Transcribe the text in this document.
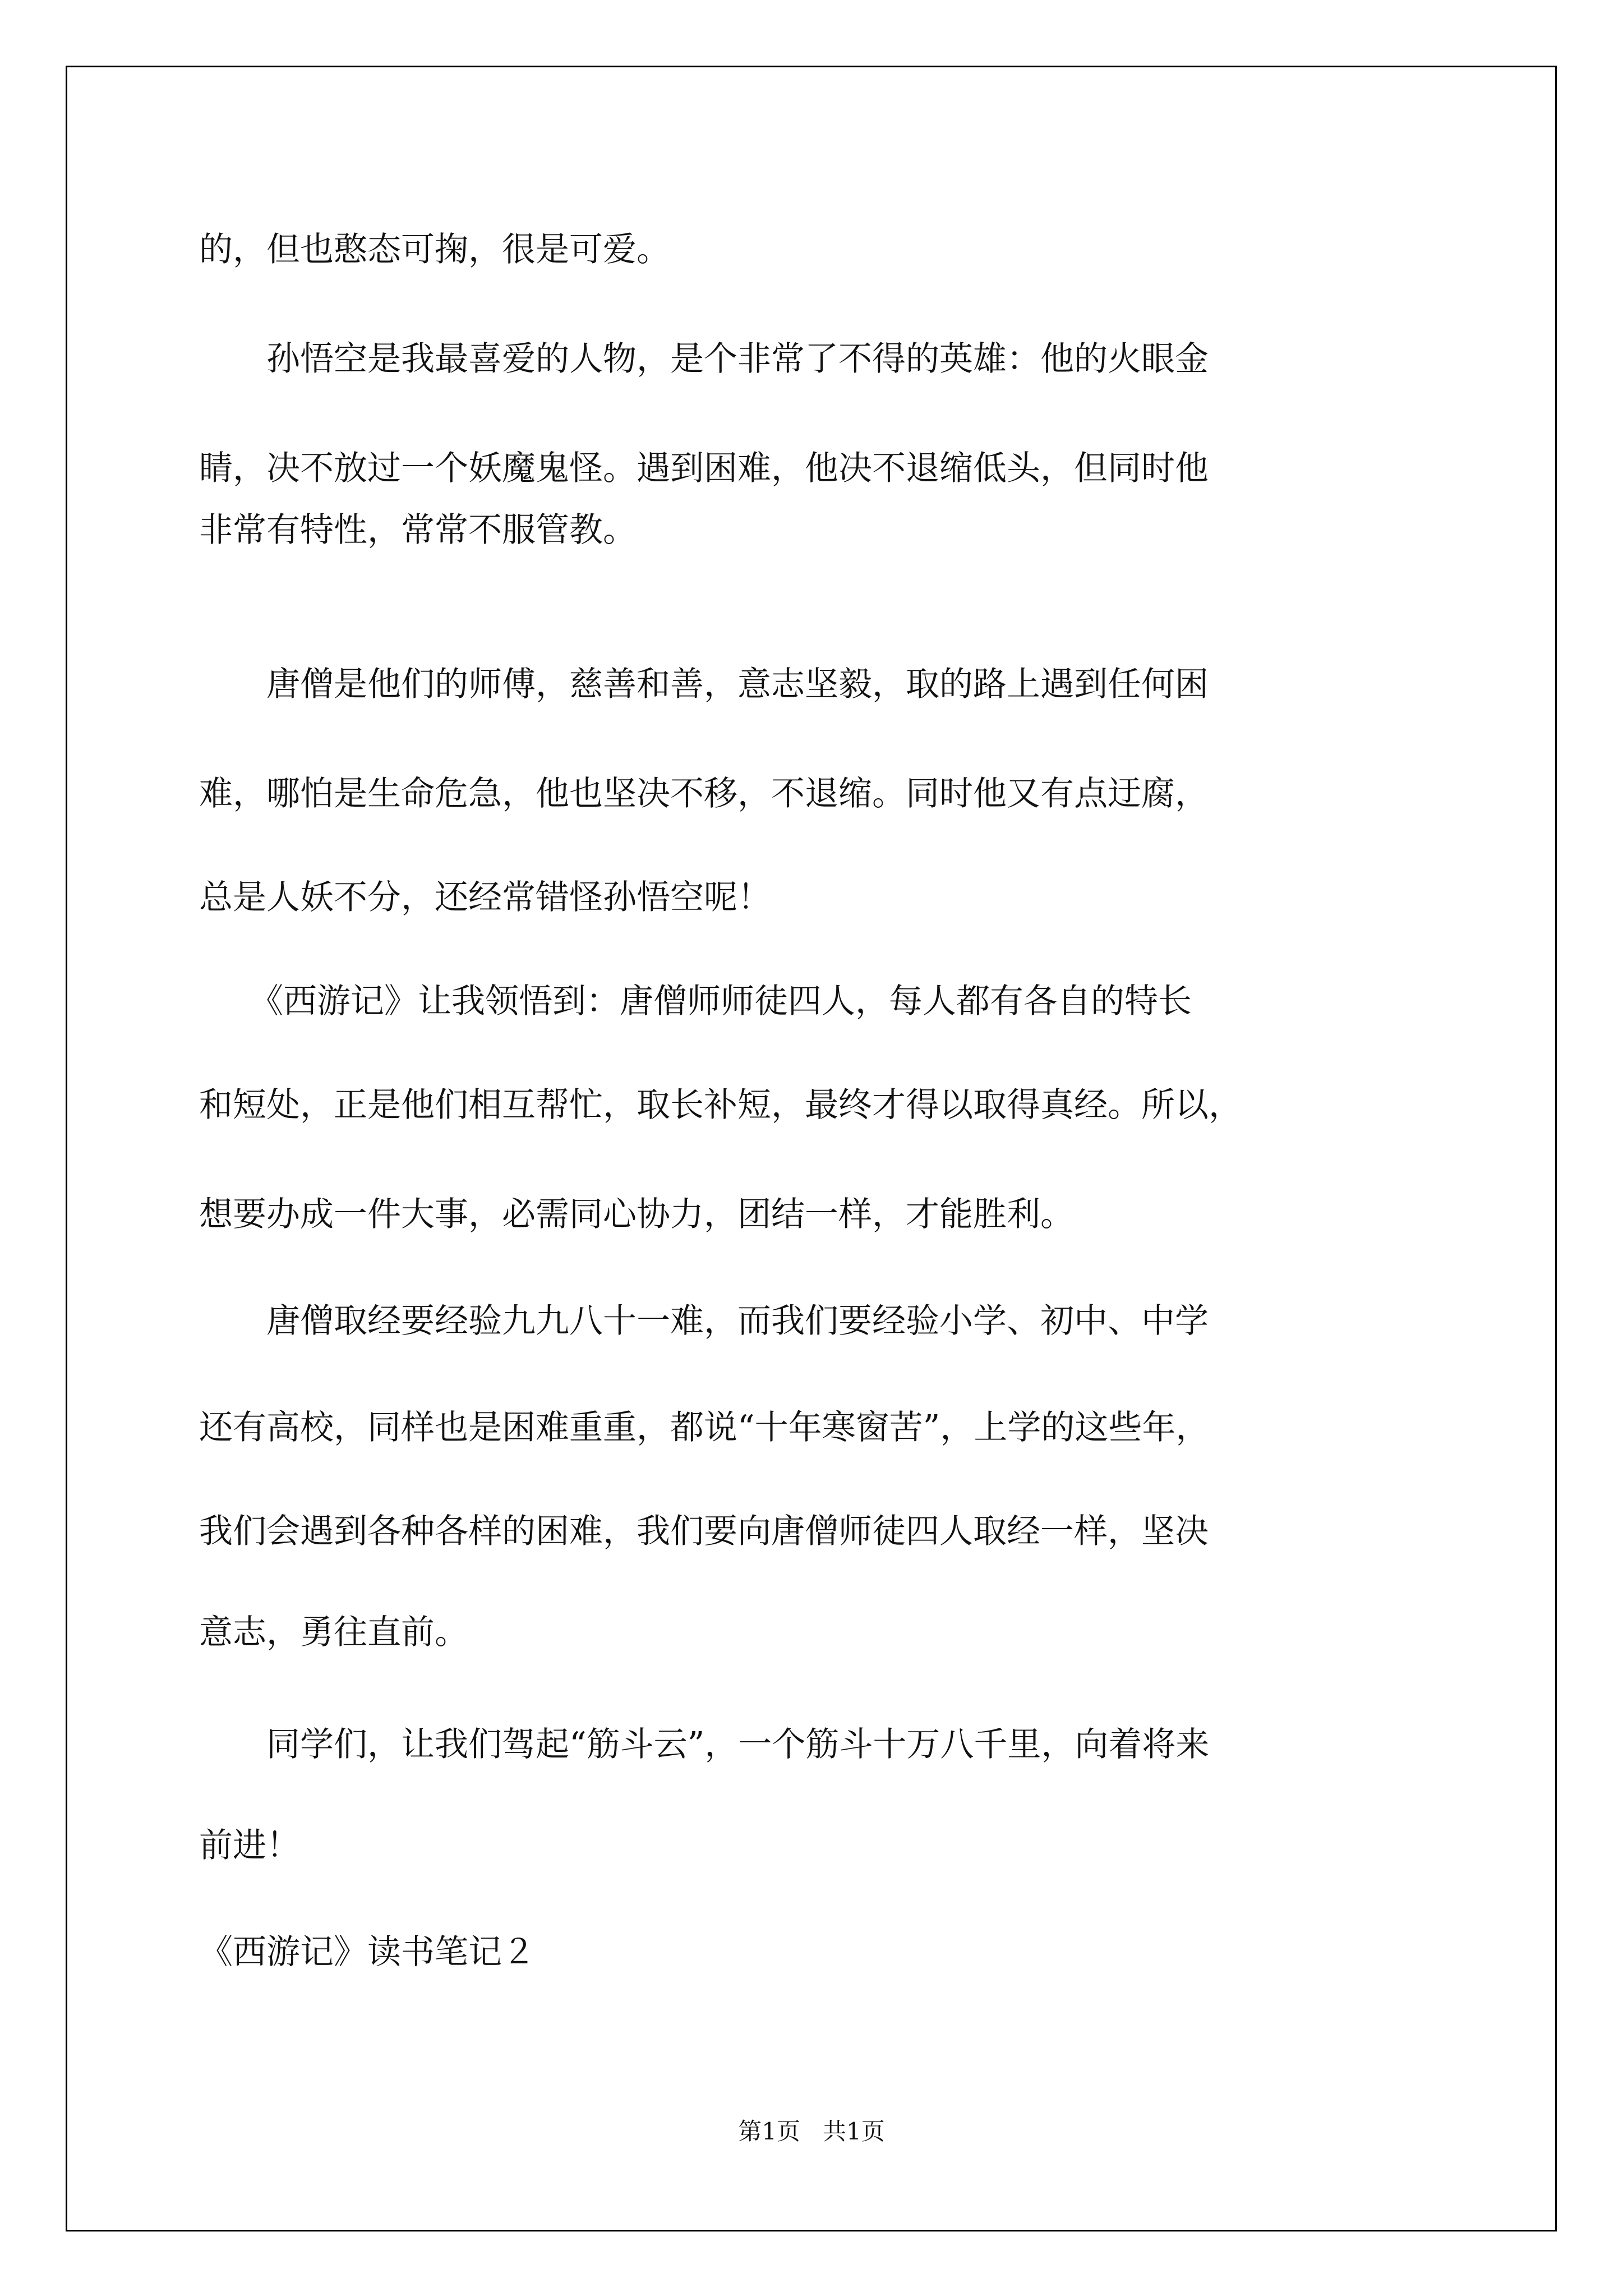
的，但也憨态可掬，很是可爱。

　　孙悟空是我最喜爱的人物，是个非常了不得的英雄：他的火眼金

睛，决不放过一个妖魔鬼怪。遇到困难，他决不退缩低头，但同时他

非常有特性，常常不服管教。

　　唐僧是他们的师傅，慈善和善，意志坚毅，取的路上遇到任何困

难，哪怕是生命危急，他也坚决不移，不退缩。同时他又有点迂腐，

总是人妖不分，还经常错怪孙悟空呢！

　　《西游记》让我领悟到：唐僧师师徒四人，每人都有各自的特长

和短处，正是他们相互帮忙，取长补短，最终才得以取得真经。所以，

想要办成一件大事，必需同心协力，团结一样，才能胜利。

　　唐僧取经要经验九九八十一难，而我们要经验小学、初中、中学

还有高校，同样也是困难重重，都说“十年寒窗苦”，上学的这些年，

我们会遇到各种各样的困难，我们要向唐僧师徒四人取经一样，坚决

意志，勇往直前。

　　同学们，让我们驾起“筋斗云”，一个筋斗十万八千里，向着将来

前进！

《西游记》读书笔记２

第1页 共1页
